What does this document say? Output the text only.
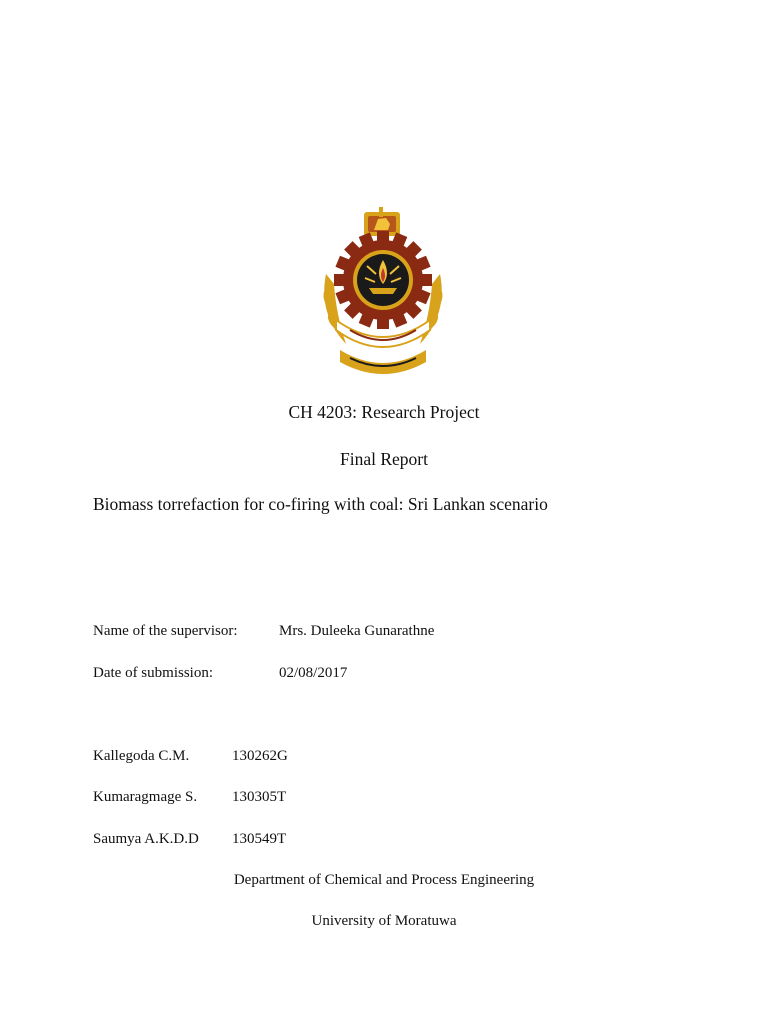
CH 4203: Research Project
Final Report
Biomass torrefaction for co-firing with coal: Sri Lankan scenario
Name of the supervisor:	Mrs. Duleeka Gunarathne
Date of submission:	02/08/2017
Kallegoda C.M.	130262G
Kumaragmage S. 130305T
Saumya A.K.D.D 130549T
Department of Chemical and Process Engineering
University of Moratuwa
